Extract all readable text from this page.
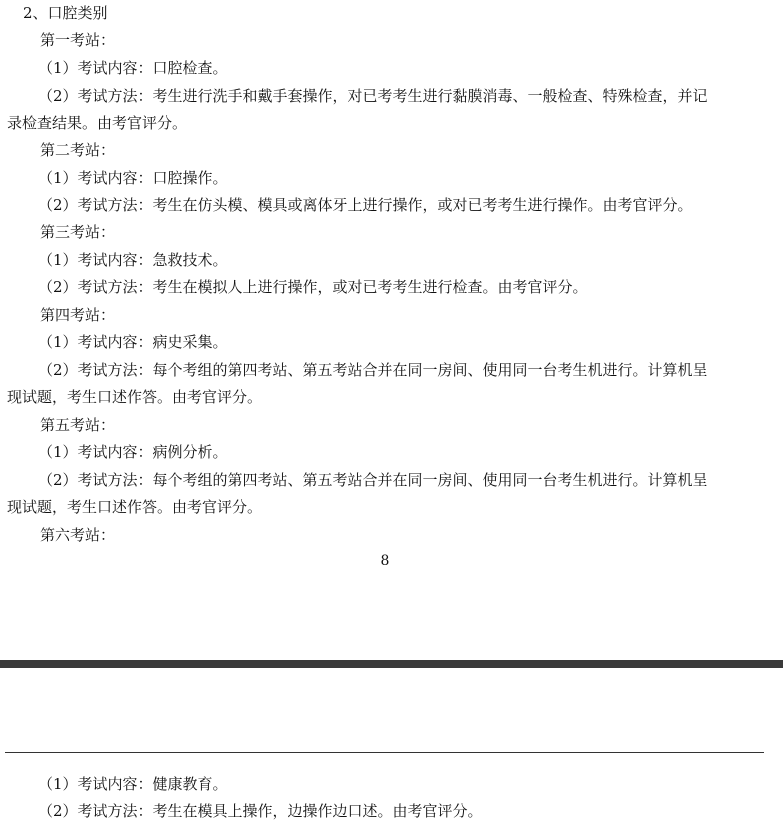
2、口腔类别
第一考站：
（1）考试内容：口腔检查。
（2）考试方法：考生进行洗手和戴手套操作，对已考考生进行黏膜消毒、一般检查、特殊检查，并记
录检查结果。由考官评分。
第二考站：
（1）考试内容：口腔操作。
（2）考试方法：考生在仿头模、模具或离体牙上进行操作，或对已考考生进行操作。由考官评分。
第三考站：
（1）考试内容：急救技术。
（2）考试方法：考生在模拟人上进行操作，或对已考考生进行检查。由考官评分。
第四考站：
（1）考试内容：病史采集。
（2）考试方法：每个考组的第四考站、第五考站合并在同一房间、使用同一台考生机进行。计算机呈
现试题，考生口述作答。由考官评分。
第五考站：
（1）考试内容：病例分析。
（2）考试方法：每个考组的第四考站、第五考站合并在同一房间、使用同一台考生机进行。计算机呈
现试题，考生口述作答。由考官评分。
第六考站：
8
（1）考试内容：健康教育。
（2）考试方法：考生在模具上操作，边操作边口述。由考官评分。
